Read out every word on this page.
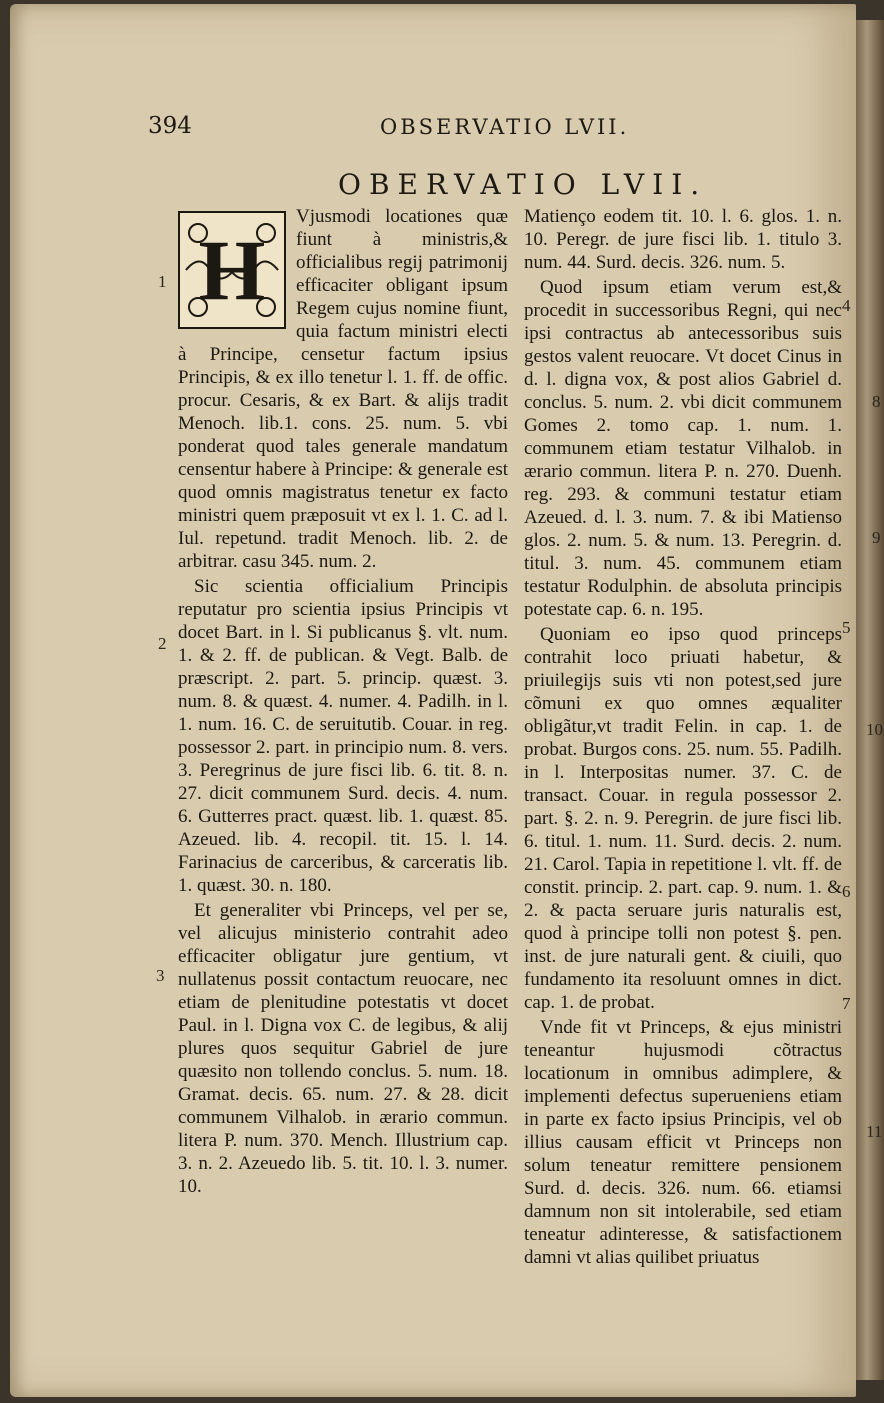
394	OBSERVATIO LVII.
OBERVATIO LVII.
H

Vjusmodi locationes quæ fiunt à ministris,& officialibus regij patrimonij efficaciter obligant ipsum Regem cujus nomine fiunt, quia factum ministri electi à Principe, censetur factum ipsius Principis, & ex illo tenetur l. 1. ff. de offic. procur. Cesaris, & ex Bart. & alijs tradit Menoch. lib.1. cons. 25. num. 5. vbi ponderat quod tales generale mandatum censentur habere à Principe: & generale est quod omnis magistratus tenetur ex facto ministri quem præposuit vt ex l. 1. C. ad l. Iul. repetund. tradit Menoch. lib. 2. de arbitrar. casu 345. num. 2.

Sic scientia officialium Principis reputatur pro scientia ipsius Principis vt docet Bart. in l. Si publicanus §. vlt. num. 1. & 2. ff. de publican. & Vegt. Balb. de præscript. 2. part. 5. princip. quæst. 3. num. 8. & quæst. 4. numer. 4. Padilh. in l. 1. num. 16. C. de seruitutib. Couar. in reg. possessor 2. part. in principio num. 8. vers. 3. Peregrinus de jure fisci lib. 6. tit. 8. n. 27. dicit communem Surd. decis. 4. num. 6. Gutterres pract. quæst. lib. 1. quæst. 85. Azeued. lib. 4. recopil. tit. 15. l. 14. Farinacius de carceribus, & carceratis lib. 1. quæst. 30. n. 180.

Et generaliter vbi Princeps, vel per se, vel alicujus ministerio contrahit adeo efficaciter obligatur jure gentium, vt nullatenus possit contactum reuocare, nec etiam de plenitudine potestatis vt docet Paul. in l. Digna vox C. de legibus, & alij plures quos sequitur Gabriel de jure quæsito non tollendo conclus. 5. num. 18. Gramat. decis. 65. num. 27. & 28. dicit communem Vilhalob. in ærario commun. litera P. num. 370. Mench. Illustrium cap. 3. n. 2. Azeuedo lib. 5. tit. 10. l. 3. numer. 10.

Matienço eodem tit. 10. l. 6. glos. 1. n. 10. Peregr. de jure fisci lib. 1. titulo 3. num. 44. Surd. decis. 326. num. 5.

Quod ipsum etiam verum est,& procedit in successoribus Regni, qui nec ipsi contractus ab antecessoribus suis gestos valent reuocare. Vt docet Cinus in d. l. digna vox, & post alios Gabriel d. conclus. 5. num. 2. vbi dicit communem Gomes 2. tomo cap. 1. num. 1. communem etiam testatur Vilhalob. in ærario commun. litera P. n. 270. Duenh. reg. 293. & communi testatur etiam Azeued. d. l. 3. num. 7. & ibi Matienso glos. 2. num. 5. & num. 13. Peregrin. d. titul. 3. num. 45. communem etiam testatur Rodulphin. de absoluta principis potestate cap. 6. n. 195.

Quoniam eo ipso quod princeps contrahit loco priuati habetur, & priuilegijs suis vti non potest,sed jure cõmuni ex quo omnes æqualiter obligãtur,vt tradit Felin. in cap. 1. de probat. Burgos cons. 25. num. 55. Padilh. in l. Interpositas numer. 37. C. de transact. Couar. in regula possessor 2. part. §. 2. n. 9. Peregrin. de jure fisci lib. 6. titul. 1. num. 11. Surd. decis. 2. num. 21. Carol. Tapia in repetitione l. vlt. ff. de constit. princip. 2. part. cap. 9. num. 1. & 2. & pacta seruare juris naturalis est, quod à principe tolli non potest §. pen. inst. de jure naturali gent. & ciuili, quo fundamento ita resoluunt omnes in dict. cap. 1. de probat.

Vnde fit vt Princeps, & ejus ministri teneantur hujusmodi cõtractus locationum in omnibus adimplere, & implementi defectus superueniens etiam in parte ex facto ipsius Principis, vel ob illius causam efficit vt Princeps non solum teneatur remittere pensionem Surd. d. decis. 326. num. 66. etiamsi damnum non sit intolerabile, sed etiam teneatur adinteresse, & satisfactionem damni vt alias quilibet priuatus

1
2
3
4
5
6
7
8
9
10
11
